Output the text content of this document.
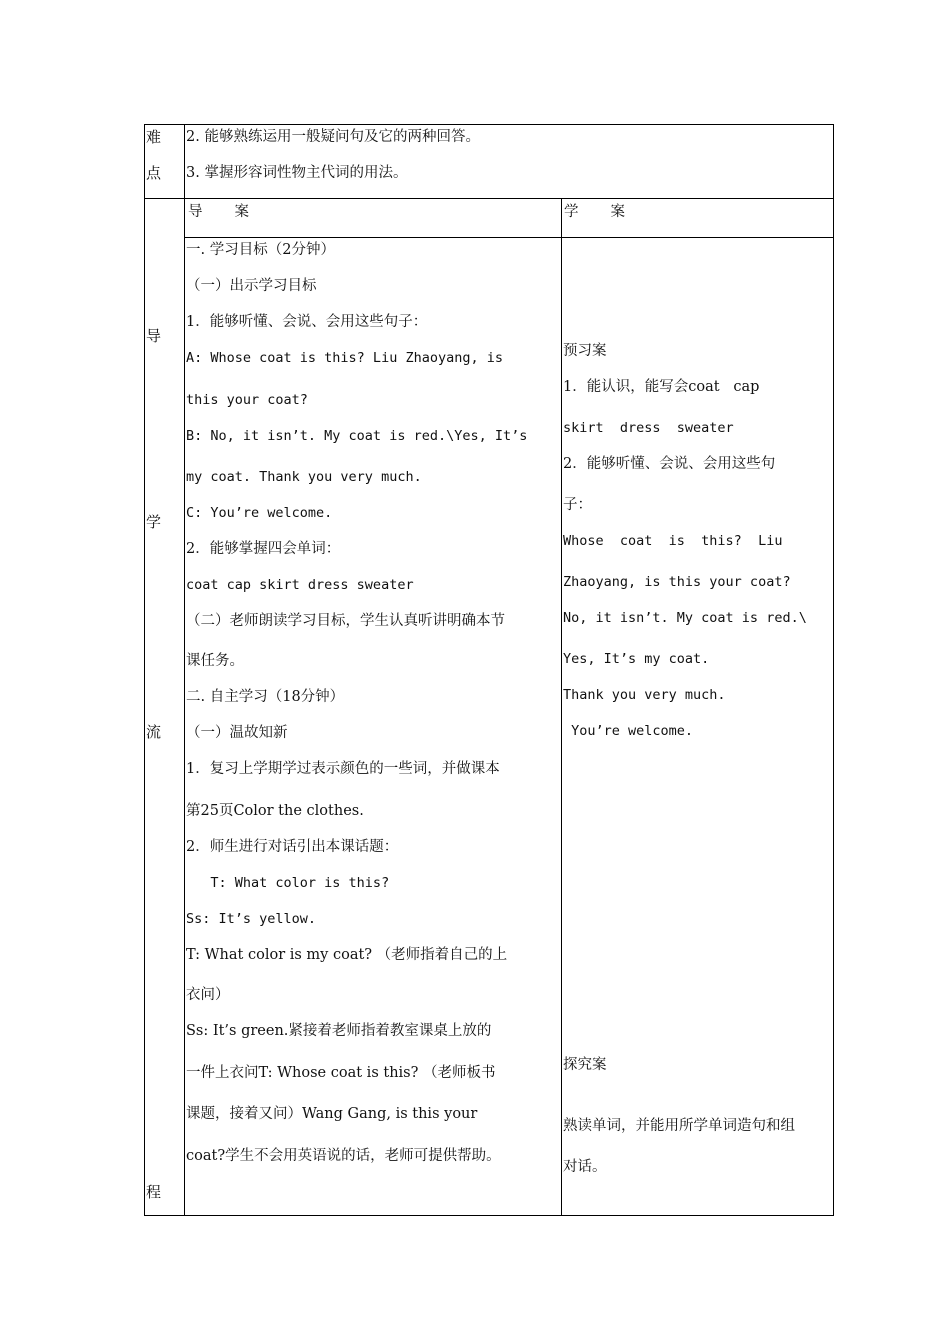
难
点
2. 能够熟练运用一般疑问句及它的两种回答。
3. 掌握形容词性物主代词的用法。
导
学
流
程
导　　案	学　　案
一. 学习目标（2分钟）
（一）出示学习目标
1．能够听懂、会说、会用这些句子：
A: Whose coat is this? Liu Zhaoyang, is
this your coat?
B: No, it isn’t. My coat is red.\Yes, It’s
my coat. Thank you very much.
C: You’re welcome.
2．能够掌握四会单词：
coat cap skirt dress sweater
（二）老师朗读学习目标，学生认真听讲明确本节
课任务。
二. 自主学习（18分钟）
（一）温故知新
1．复习上学期学过表示颜色的一些词，并做课本
第25页Color the clothes.
2．师生进行对话引出本课话题：
T: What color is this?
Ss: It’s yellow.
T: What color is my coat? （老师指着自己的上
衣问）
Ss: It’s green.紧接着老师指着教室课桌上放的
一件上衣问T: Whose coat is this? （老师板书
课题，接着又问）Wang Gang, is this your
coat?学生不会用英语说的话，老师可提供帮助。
预习案
1．能认识，能写会coat   cap
skirt  dress  sweater
2．能够听懂、会说、会用这些句
子：
Whose  coat  is  this?  Liu
Zhaoyang, is this your coat?
No, it isn’t. My coat is red.\
Yes, It’s my coat.
Thank you very much.
You’re welcome.
探究案
熟读单词，并能用所学单词造句和组
对话。
